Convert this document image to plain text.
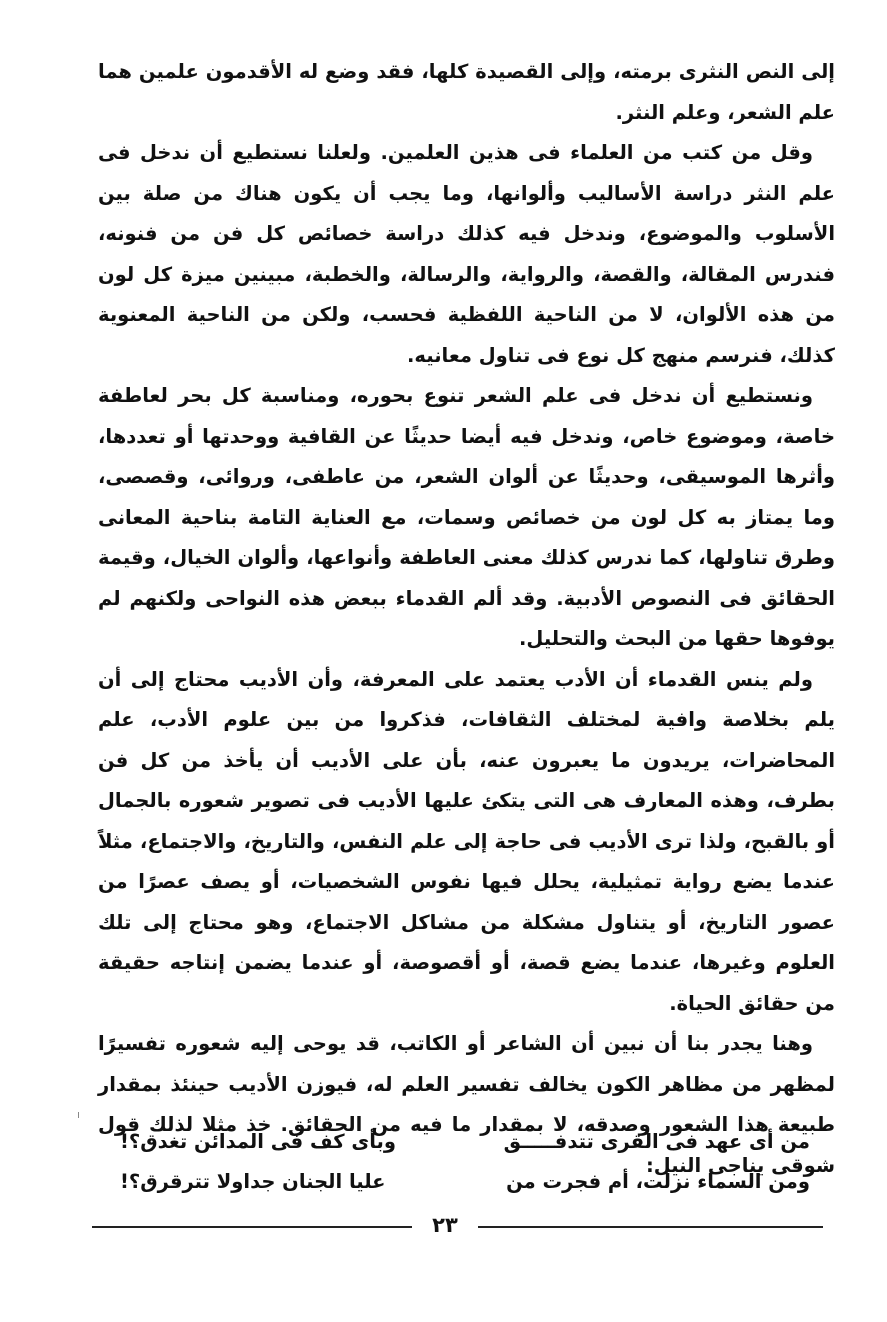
إلى النص النثرى برمته، وإلى القصيدة كلها، فقد وضع له الأقدمون علمين هما علم الشعر، وعلم النثر.

وقل من كتب من العلماء فى هذين العلمين. ولعلنا نستطيع أن ندخل فى علم النثر دراسة الأساليب وألوانها، وما يجب أن يكون هناك من صلة بين الأسلوب والموضوع، وندخل فيه كذلك دراسة خصائص كل فن من فنونه، فندرس المقالة، والقصة، والرواية، والرسالة، والخطبة، مبينين ميزة كل لون من هذه الألوان، لا من الناحية اللفظية فحسب، ولكن من الناحية المعنوية كذلك، فنرسم منهج كل نوع فى تناول معانيه.

ونستطيع أن ندخل فى علم الشعر تنوع بحوره، ومناسبة كل بحر لعاطفة خاصة، وموضوع خاص، وندخل فيه أيضا حديثًا عن القافية ووحدتها أو تعددها، وأثرها الموسيقى، وحديثًا عن ألوان الشعر، من عاطفى، وروائى، وقصصى، وما يمتاز به كل لون من خصائص وسمات، مع العناية التامة بناحية المعانى وطرق تناولها، كما ندرس كذلك معنى العاطفة وأنواعها، وألوان الخيال، وقيمة الحقائق فى النصوص الأدبية. وقد ألم القدماء ببعض هذه النواحى ولكنهم لم يوفوها حقها من البحث والتحليل.

ولم ينس القدماء أن الأدب يعتمد على المعرفة، وأن الأديب محتاج إلى أن يلم بخلاصة وافية لمختلف الثقافات، فذكروا من بين علوم الأدب، علم المحاضرات، يريدون ما يعبرون عنه، بأن على الأديب أن يأخذ من كل فن بطرف، وهذه المعارف هى التى يتكئ عليها الأديب فى تصوير شعوره بالجمال أو بالقبح، ولذا ترى الأديب فى حاجة إلى علم النفس، والتاريخ، والاجتماع، مثلاً عندما يضع رواية تمثيلية، يحلل فيها نفوس الشخصيات، أو يصف عصرًا من عصور التاريخ، أو يتناول مشكلة من مشاكل الاجتماع، وهو محتاج إلى تلك العلوم وغيرها، عندما يضع قصة، أو أقصوصة، أو عندما يضمن إنتاجه حقيقة من حقائق الحياة.

وهنا يجدر بنا أن نبين أن الشاعر أو الكاتب، قد يوحى إليه شعوره تفسيرًا لمظهر من مظاهر الكون يخالف تفسير العلم له، فيوزن الأديب حينئذ بمقدار طبيعة هذا الشعور وصدقه، لا بمقدار ما فيه من الحقائق. خذ مثلا لذلك قول شوقى يناجى النيل:

من أى عهد فى القرى تتدفـــــق
وبأى كف فى المدائن تغدق؟!
ومن السماء نزلت، أم فجرت من
عليا الجنان جداولا تترقرق؟!
٢٣
